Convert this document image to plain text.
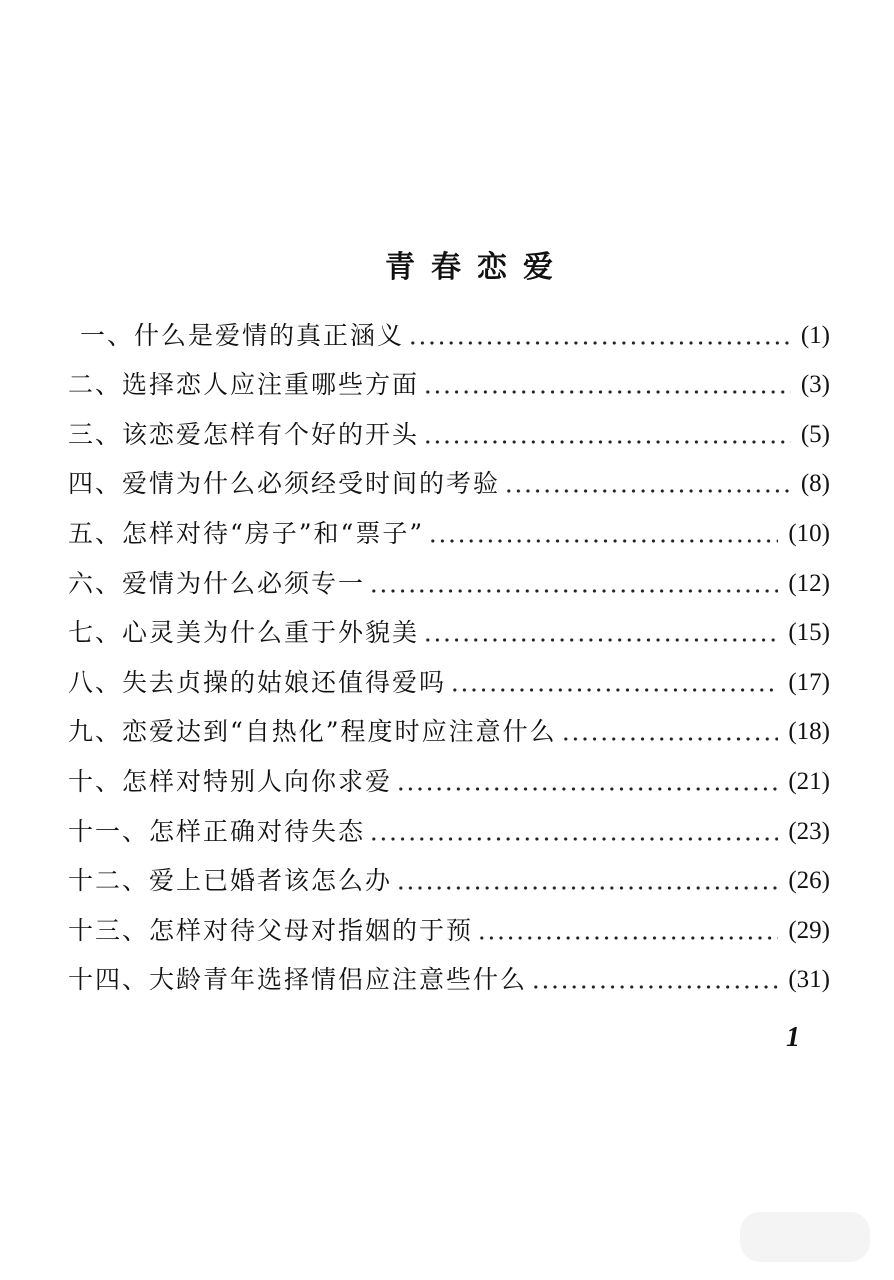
青春恋爱
一、什么是爱情的真正涵义	(1)
二、选择恋人应注重哪些方面	(3)
三、该恋爱怎样有个好的开头	(5)
四、爱情为什么必须经受时间的考验	(8)
五、怎样对待“房子”和“票子”	(10)
六、爱情为什么必须专一	(12)
七、心灵美为什么重于外貌美	(15)
八、失去贞操的姑娘还值得爱吗	(17)
九、恋爱达到“自热化”程度时应注意什么	(18)
十、怎样对特别人向你求爱	(21)
十一、怎样正确对待失态	(23)
十二、爱上已婚者该怎么办	(26)
十三、怎样对待父母对指姻的于预	(29)
十四、大龄青年选择情侣应注意些什么	(31)
1
